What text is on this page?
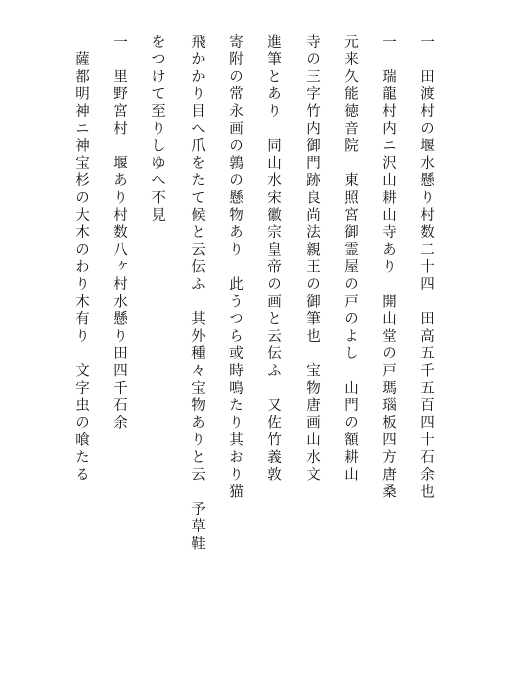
一　田渡村の堰水懸り村数二十四　田高五千五百四十石余也
一　瑞龍村内ニ沢山耕山寺あり　開山堂の戸瑪瑙板四方唐桑
元来久能徳音院　東照宮御霊屋の戸のよし　山門の額耕山
寺の三字竹内御門跡良尚法親王の御筆也　宝物唐画山水文
進筆とあり　同山水宋徽宗皇帝の画と云伝ふ　又佐竹義敦
寄附の常永画の鶉の懸物あり　此うつら或時鳴たり其おり猫
飛かかり目へ爪をたて候と云伝ふ　其外種々宝物ありと云　予草鞋
をつけて至りしゆへ不見
一　里野宮村　堰あり村数八ヶ村水懸り田四千石余
　薩都明神ニ神宝杉の大木のわり木有り　文字虫の喰たる
